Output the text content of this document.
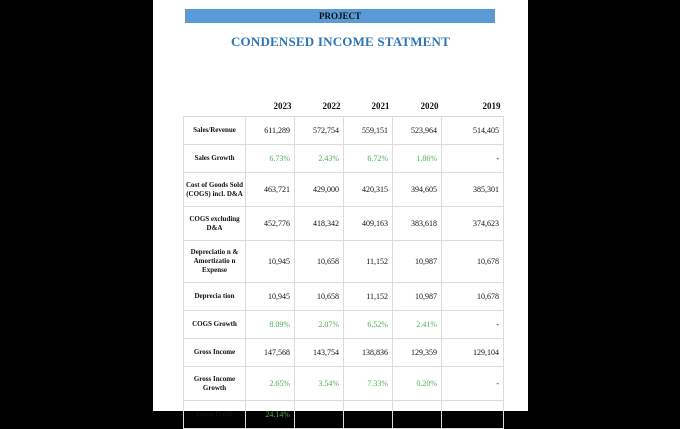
PROJECT
CONDENSED INCOME STATMENT
	2023	2022	2021	2020	2019
Sales/Revenue	611,289	572,754	559,151	523,964	514,405
Sales Growth	6.73%	2.43%	6.72%	1.86%	-
Cost of Goods Sold (COGS) incl. D&A	463,721	429,000	420,315	394,605	385,301
COGS excluding D&A	452,776	418,342	409,163	383,618	374,623
Depreciatio n & Amortizatio n Expense	10,945	10,658	11,152	10,987	10,678
Deprecia tion	10,945	10,658	11,152	10,987	10,678
COGS Growth	8.09%	2.07%	6.52%	2.41%	-
Gross Income	147,568	143,754	138,836	129,359	129,104
Gross Income Growth	2.65%	3.54%	7.33%	0.20%	-
Gross Profit	24.14%				
